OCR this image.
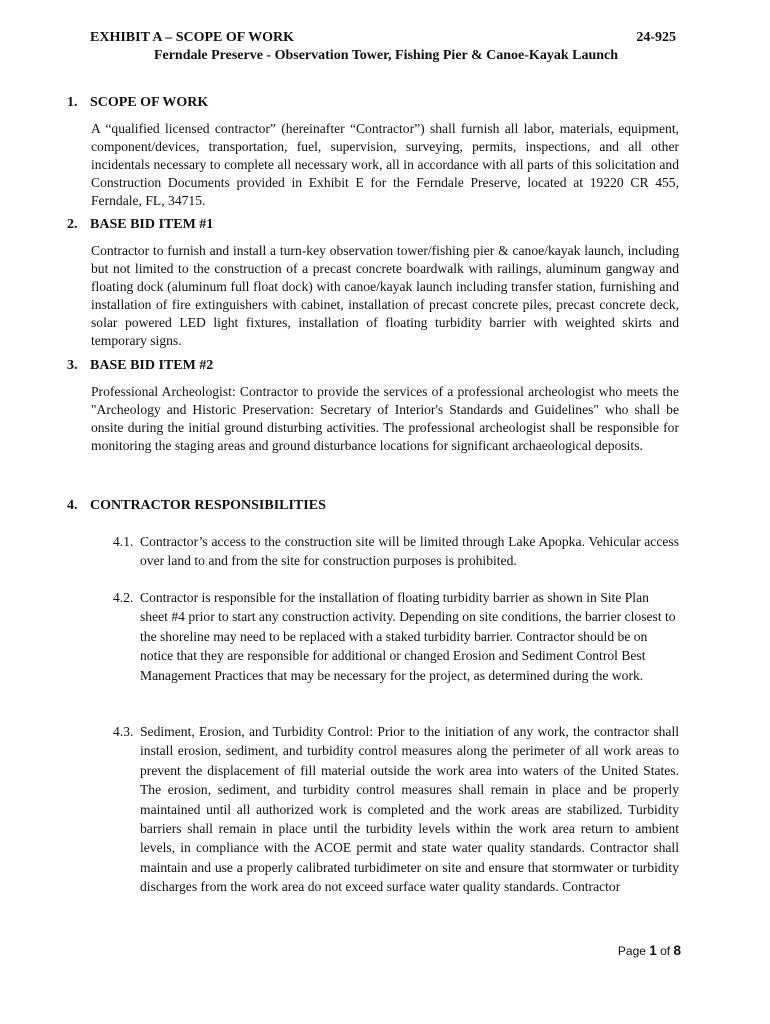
EXHIBIT A – SCOPE OF WORK	24-925
Ferndale Preserve - Observation Tower, Fishing Pier & Canoe-Kayak Launch
1. SCOPE OF WORK
A “qualified licensed contractor” (hereinafter “Contractor”) shall furnish all labor, materials, equipment, component/devices, transportation, fuel, supervision, surveying, permits, inspections, and all other incidentals necessary to complete all necessary work, all in accordance with all parts of this solicitation and Construction Documents provided in Exhibit E for the Ferndale Preserve, located at 19220 CR 455, Ferndale, FL, 34715.
2. BASE BID ITEM #1
Contractor to furnish and install a turn-key observation tower/fishing pier & canoe/kayak launch, including but not limited to the construction of a precast concrete boardwalk with railings, aluminum gangway and floating dock (aluminum full float dock) with canoe/kayak launch including transfer station, furnishing and installation of fire extinguishers with cabinet, installation of precast concrete piles, precast concrete deck, solar powered LED light fixtures, installation of floating turbidity barrier with weighted skirts and temporary signs.
3. BASE BID ITEM #2
Professional Archeologist: Contractor to provide the services of a professional archeologist who meets the "Archeology and Historic Preservation: Secretary of Interior's Standards and Guidelines" who shall be onsite during the initial ground disturbing activities. The professional archeologist shall be responsible for monitoring the staging areas and ground disturbance locations for significant archaeological deposits.
4. CONTRACTOR RESPONSIBILITIES
4.1. Contractor’s access to the construction site will be limited through Lake Apopka. Vehicular access over land to and from the site for construction purposes is prohibited.
4.2. Contractor is responsible for the installation of floating turbidity barrier as shown in Site Plan sheet #4 prior to start any construction activity. Depending on site conditions, the barrier closest to the shoreline may need to be replaced with a staked turbidity barrier. Contractor should be on notice that they are responsible for additional or changed Erosion and Sediment Control Best Management Practices that may be necessary for the project, as determined during the work.
4.3. Sediment, Erosion, and Turbidity Control: Prior to the initiation of any work, the contractor shall install erosion, sediment, and turbidity control measures along the perimeter of all work areas to prevent the displacement of fill material outside the work area into waters of the United States. The erosion, sediment, and turbidity control measures shall remain in place and be properly maintained until all authorized work is completed and the work areas are stabilized. Turbidity barriers shall remain in place until the turbidity levels within the work area return to ambient levels, in compliance with the ACOE permit and state water quality standards. Contractor shall maintain and use a properly calibrated turbidimeter on site and ensure that stormwater or turbidity discharges from the work area do not exceed surface water quality standards. Contractor
Page 1 of 8
